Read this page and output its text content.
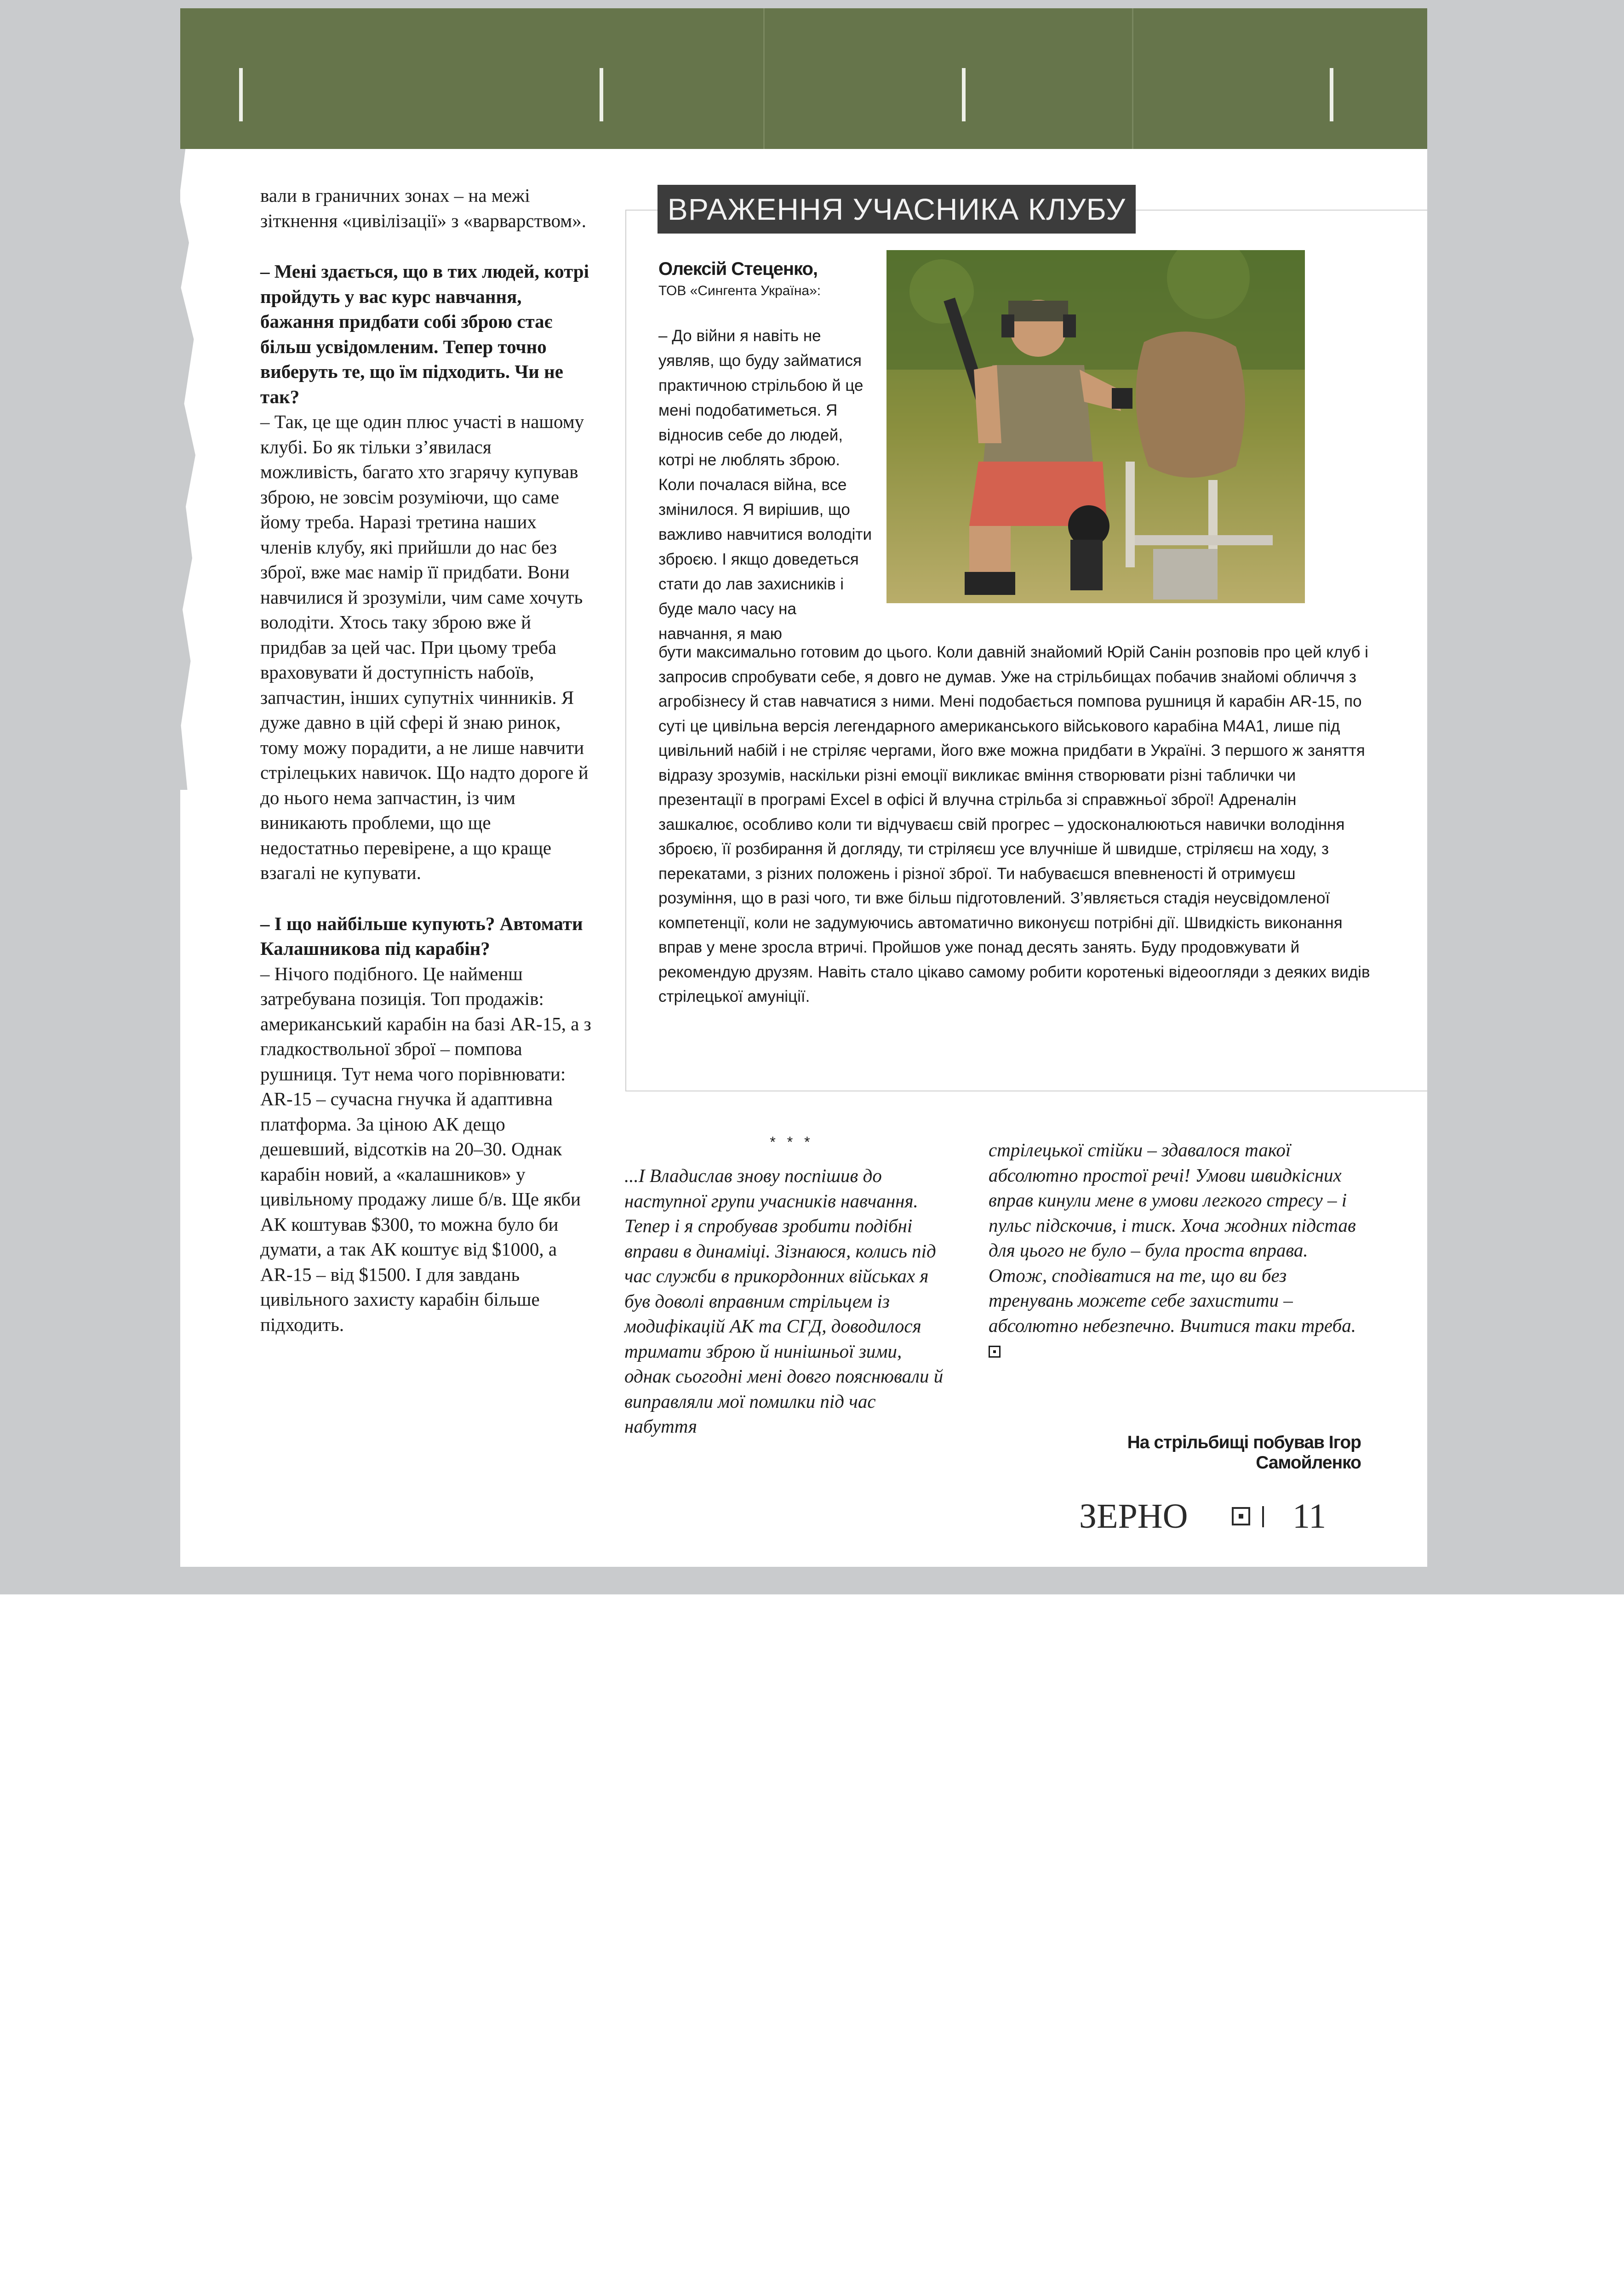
вали в граничних зонах – на межі зіткнення «цивілізації» з «варварством».

– Мені здається, що в тих людей, котрі пройдуть у вас курс навчання, бажання придбати собі зброю стає більш усвідомленим. Тепер точно виберуть те, що їм підходить. Чи не так?

– Так, це ще один плюс участі в нашому клубі. Бо як тільки з’явилася можливість, багато хто згарячу купував зброю, не зовсім розуміючи, що саме йому треба. Наразі третина наших членів клубу, які прийшли до нас без зброї, вже має намір її придбати. Вони навчилися й зрозуміли, чим саме хочуть володіти. Хтось таку зброю вже й придбав за цей час. При цьому треба враховувати й доступність набоїв, запчастин, інших супутніх чинників. Я дуже давно в цій сфері й знаю ринок, тому можу порадити, а не лише навчити стрілецьких навичок. Що надто дороге й до нього нема запчастин, із чим виникають проблеми, що ще недостатньо перевірене, а що краще взагалі не купувати.

– І що найбільше купують? Автомати Калашникова під карабін?

– Нічого подібного. Це найменш затребувана позиція. Топ продажів: американський карабін на базі AR-15, а з гладкоствольної зброї – помпова рушниця. Тут нема чого порівнювати: AR-15 – сучасна гнучка й адаптивна платформа. За ціною АК дещо дешевший, відсотків на 20–30. Однак карабін новий, а «калашников» у цивільному продажу лише б/в. Ще якби АК коштував $300, то можна було би думати, а так АК коштує від $1000, а AR-15 – від $1500. І для завдань цивільного захисту карабін більше підходить.

ВРАЖЕННЯ УЧАСНИКА КЛУБУ
Олексій Стеценко,
ТОВ «Сингента Україна»:
– До війни я навіть не уявляв, що буду займатися практичною стрільбою й це мені подобатиметься. Я відносив себе до людей, котрі не люблять зброю. Коли почалася війна, все змінилося. Я вирішив, що важливо навчитися володіти зброєю. І якщо доведеться стати до лав захисників і буде мало часу на навчання, я маю
бути максимально готовим до цього. Коли давній знайомий Юрій Санін розповів про цей клуб і запросив спробувати себе, я довго не думав. Уже на стрільбищах побачив знайомі обличчя з агробізнесу й став навчатися з ними. Мені подобається помпова рушниця й карабін AR-15, по суті це цивільна версія легендарного американського військового карабіна M4A1, лише під цивільний набій і не стріляє чергами, його вже можна придбати в Україні. З першого ж заняття відразу зрозумів, наскільки різні емоції викликає вміння створювати різні таблички чи презентації в програмі Excel в офісі й влучна стрільба зі справжньої зброї! Адреналін зашкалює, особливо коли ти відчуваєш свій прогрес – удосконалюються навички володіння зброєю, її розбирання й догляду, ти стріляєш усе влучніше й швидше, стріляєш на ходу, з перекатами, з різних положень і різної зброї. Ти набуваєшся впевненості й отримуєш розуміння, що в разі чого, ти вже більш підготовлений. З’являється стадія неусвідомленої компетенції, коли не задумуючись автоматично виконуєш потрібні дії. Швидкість виконання вправ у мене зросла втричі. Пройшов уже понад десять занять. Буду продовжувати й рекомендую друзям. Навіть стало цікаво самому робити коротенькі відеоогляди з деяких видів стрілецької амуніції.
* * *
...І Владислав знову поспішив до наступної групи учасників навчання. Тепер і я спробував зробити подібні вправи в динаміці. Зізнаюся, колись під час служби в прикордонних військах я був доволі вправним стрільцем із модифікацій АК та СГД, доводилося тримати зброю й нинішньої зими, однак сьогодні мені довго пояснювали й виправляли мої помилки під час набуття
стрілецької стійки – здавалося такої абсолютно простої речі! Умови швидкісних вправ кинули мене в умови легкого стресу – і пульс підскочив, і тиск. Хоча жодних підстав для цього не було – була проста вправа. Отож, сподіватися на те, що ви без тренувань можете себе захистити – абсолютно небезпечно. Вчитися таки треба.
На стрільбищі побував Ігор Самойленко
ЗЕРНО	11
